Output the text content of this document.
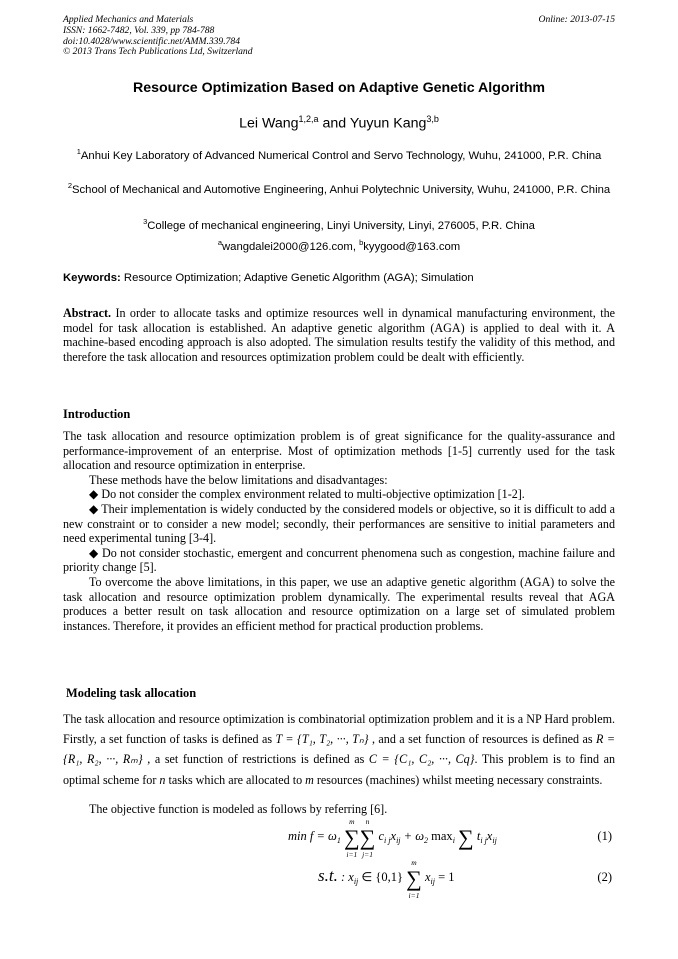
Applied Mechanics and Materials
ISSN: 1662-7482, Vol. 339, pp 784-788
doi:10.4028/www.scientific.net/AMM.339.784
© 2013 Trans Tech Publications Ltd, Switzerland
Online: 2013-07-15
Resource Optimization Based on Adaptive Genetic Algorithm
Lei Wang$^{1,2,a}$ and Yuyun Kang$^{3,b}$
$^1$Anhui Key Laboratory of Advanced Numerical Control and Servo Technology, Wuhu, 241000, P.R. China
$^2$School of Mechanical and Automotive Engineering, Anhui Polytechnic University, Wuhu, 241000, P.R. China
$^3$College of mechanical engineering, Linyi University, Linyi, 276005, P.R. China
$^a$wangdalei2000@126.com, $^b$kyygood@163.com
Keywords: Resource Optimization; Adaptive Genetic Algorithm (AGA); Simulation
Abstract. In order to allocate tasks and optimize resources well in dynamical manufacturing environment, the model for task allocation is established. An adaptive genetic algorithm (AGA) is applied to deal with it. A machine-based encoding approach is also adopted. The simulation results testify the validity of this method, and therefore the task allocation and resources optimization problem could be dealt with efficiently.
Introduction
The task allocation and resource optimization problem is of great significance for the quality-assurance and performance-improvement of an enterprise. Most of optimization methods [1-5] currently used for the task allocation and resource optimization in enterprise.
These methods have the below limitations and disadvantages:
◆ Do not consider the complex environment related to multi-objective optimization [1-2].
◆ Their implementation is widely conducted by the considered models or objective, so it is difficult to add a new constraint or to consider a new model; secondly, their performances are sensitive to initial parameters and need experimental tuning [3-4].
◆ Do not consider stochastic, emergent and concurrent phenomena such as congestion, machine failure and priority change [5].
To overcome the above limitations, in this paper, we use an adaptive genetic algorithm (AGA) to solve the task allocation and resource optimization problem dynamically. The experimental results reveal that AGA produces a better result on task allocation and resource optimization on a large set of simulated problem instances. Therefore, it provides an efficient method for practical production problems.
Modeling task allocation
The task allocation and resource optimization is combinatorial optimization problem and it is a NP Hard problem. Firstly, a set function of tasks is defined as T = {T₁, T₂, ···, Tₙ} , and a set function of resources is defined as R = {R₁, R₂, ···, Rₘ} , a set function of restrictions is defined as C = {C₁, C₂, ···, Cq}. This problem is to find an optimal scheme for n tasks which are allocated to m resources (machines) whilst meeting necessary constraints.
The objective function is modeled as follows by referring [6].
$\min f = \omega_1$ ∑
m
i=1
∑
n
j=1
$c_{i j}x_{ij} + \omega_2$ $\max_i$ ∑ $t_{i j}x_{ij}$	(1)
s.t. : $x_{ij}$ ∈ {0,1} ∑
m
i=1
$x_{ij} = 1$	(2)
